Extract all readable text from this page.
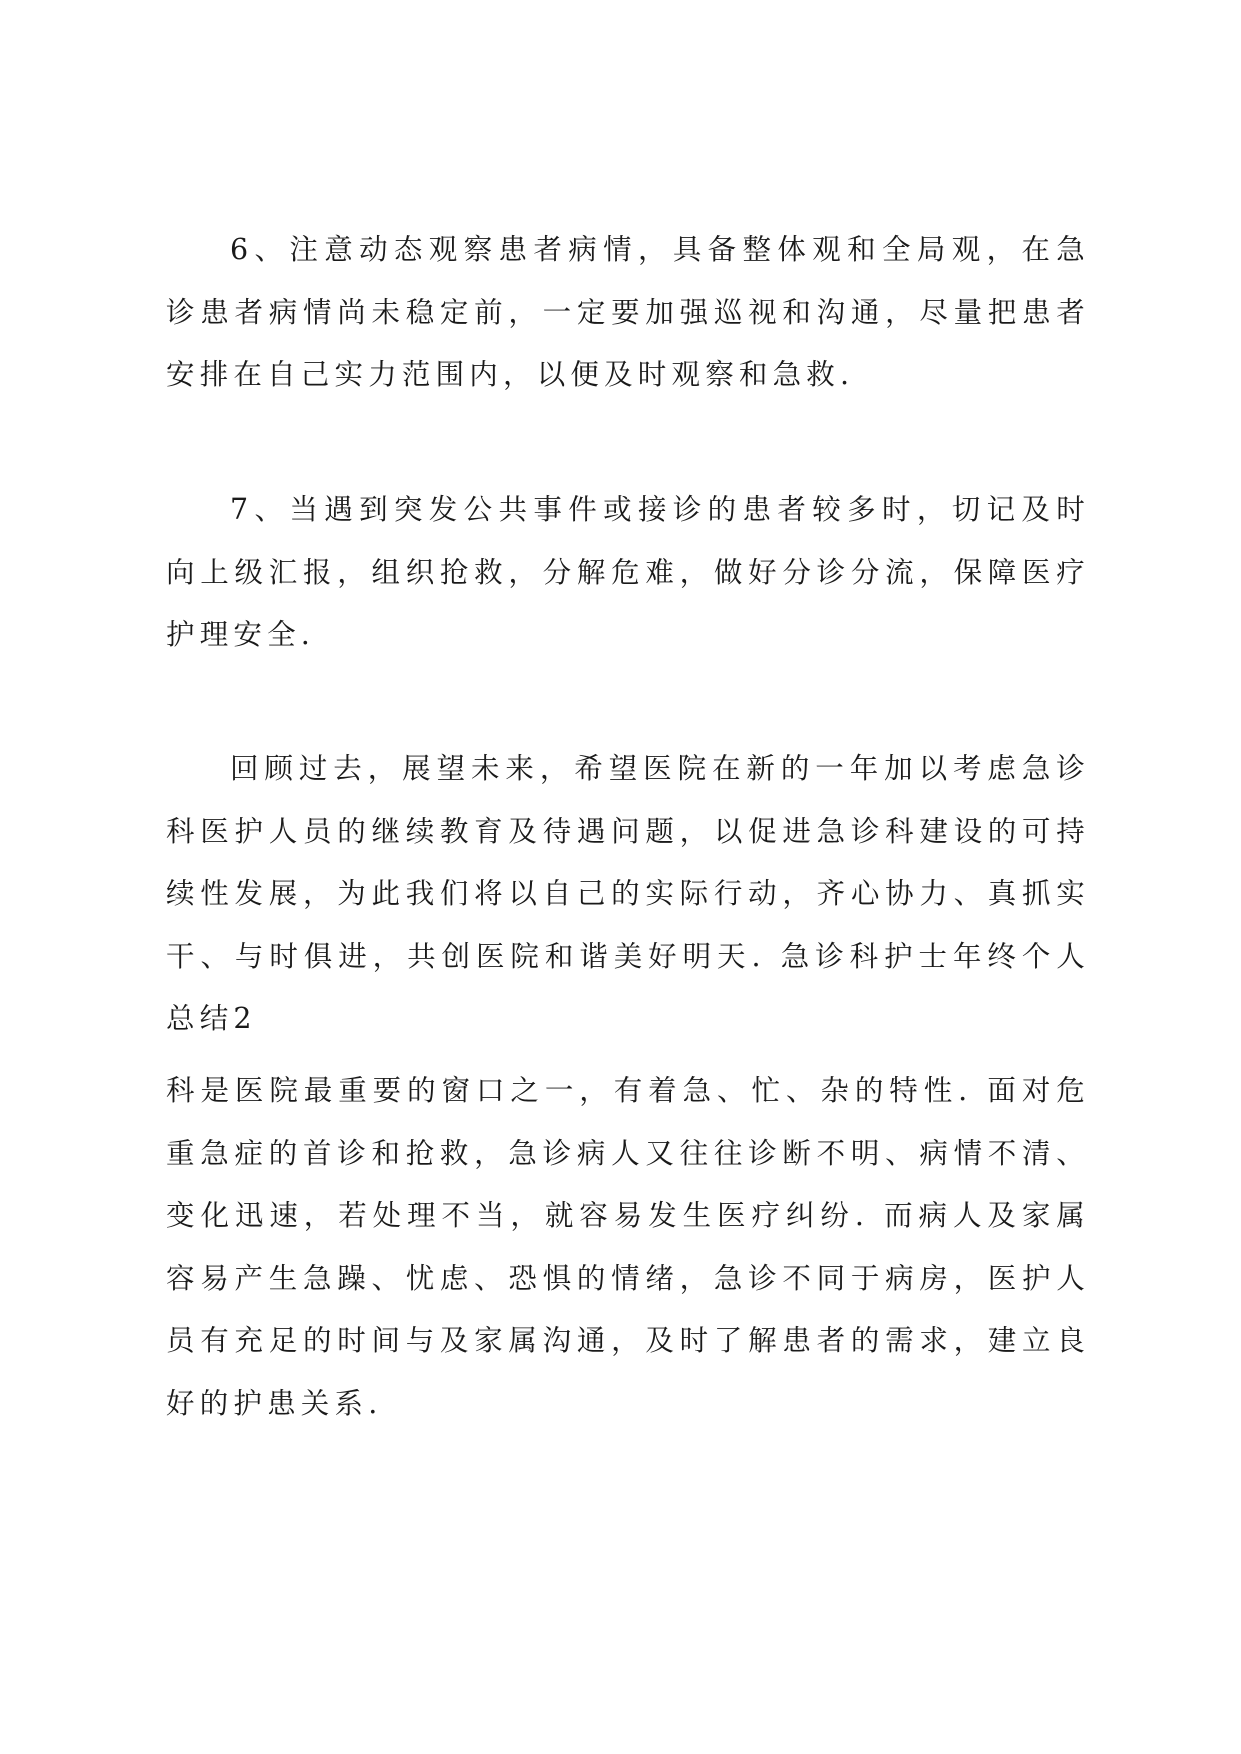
6、注意动态观察患者病情，具备整体观和全局观，在急诊患者病情尚未稳定前，一定要加强巡视和沟通，尽量把患者安排在自己实力范围内，以便及时观察和急救.

7、当遇到突发公共事件或接诊的患者较多时，切记及时向上级汇报，组织抢救，分解危难，做好分诊分流，保障医疗护理安全.

回顾过去，展望未来，希望医院在新的一年加以考虑急诊科医护人员的继续教育及待遇问题，以促进急诊科建设的可持续性发展，为此我们将以自己的实际行动，齐心协力、真抓实干、与时俱进，共创医院和谐美好明天. 急诊科护士年终个人总结2

科是医院最重要的窗口之一，有着急、忙、杂的特性. 面对危重急症的首诊和抢救，急诊病人又往往诊断不明、病情不清、变化迅速，若处理不当，就容易发生医疗纠纷. 而病人及家属容易产生急躁、忧虑、恐惧的情绪，急诊不同于病房，医护人员有充足的时间与及家属沟通，及时了解患者的需求，建立良好的护患关系.
